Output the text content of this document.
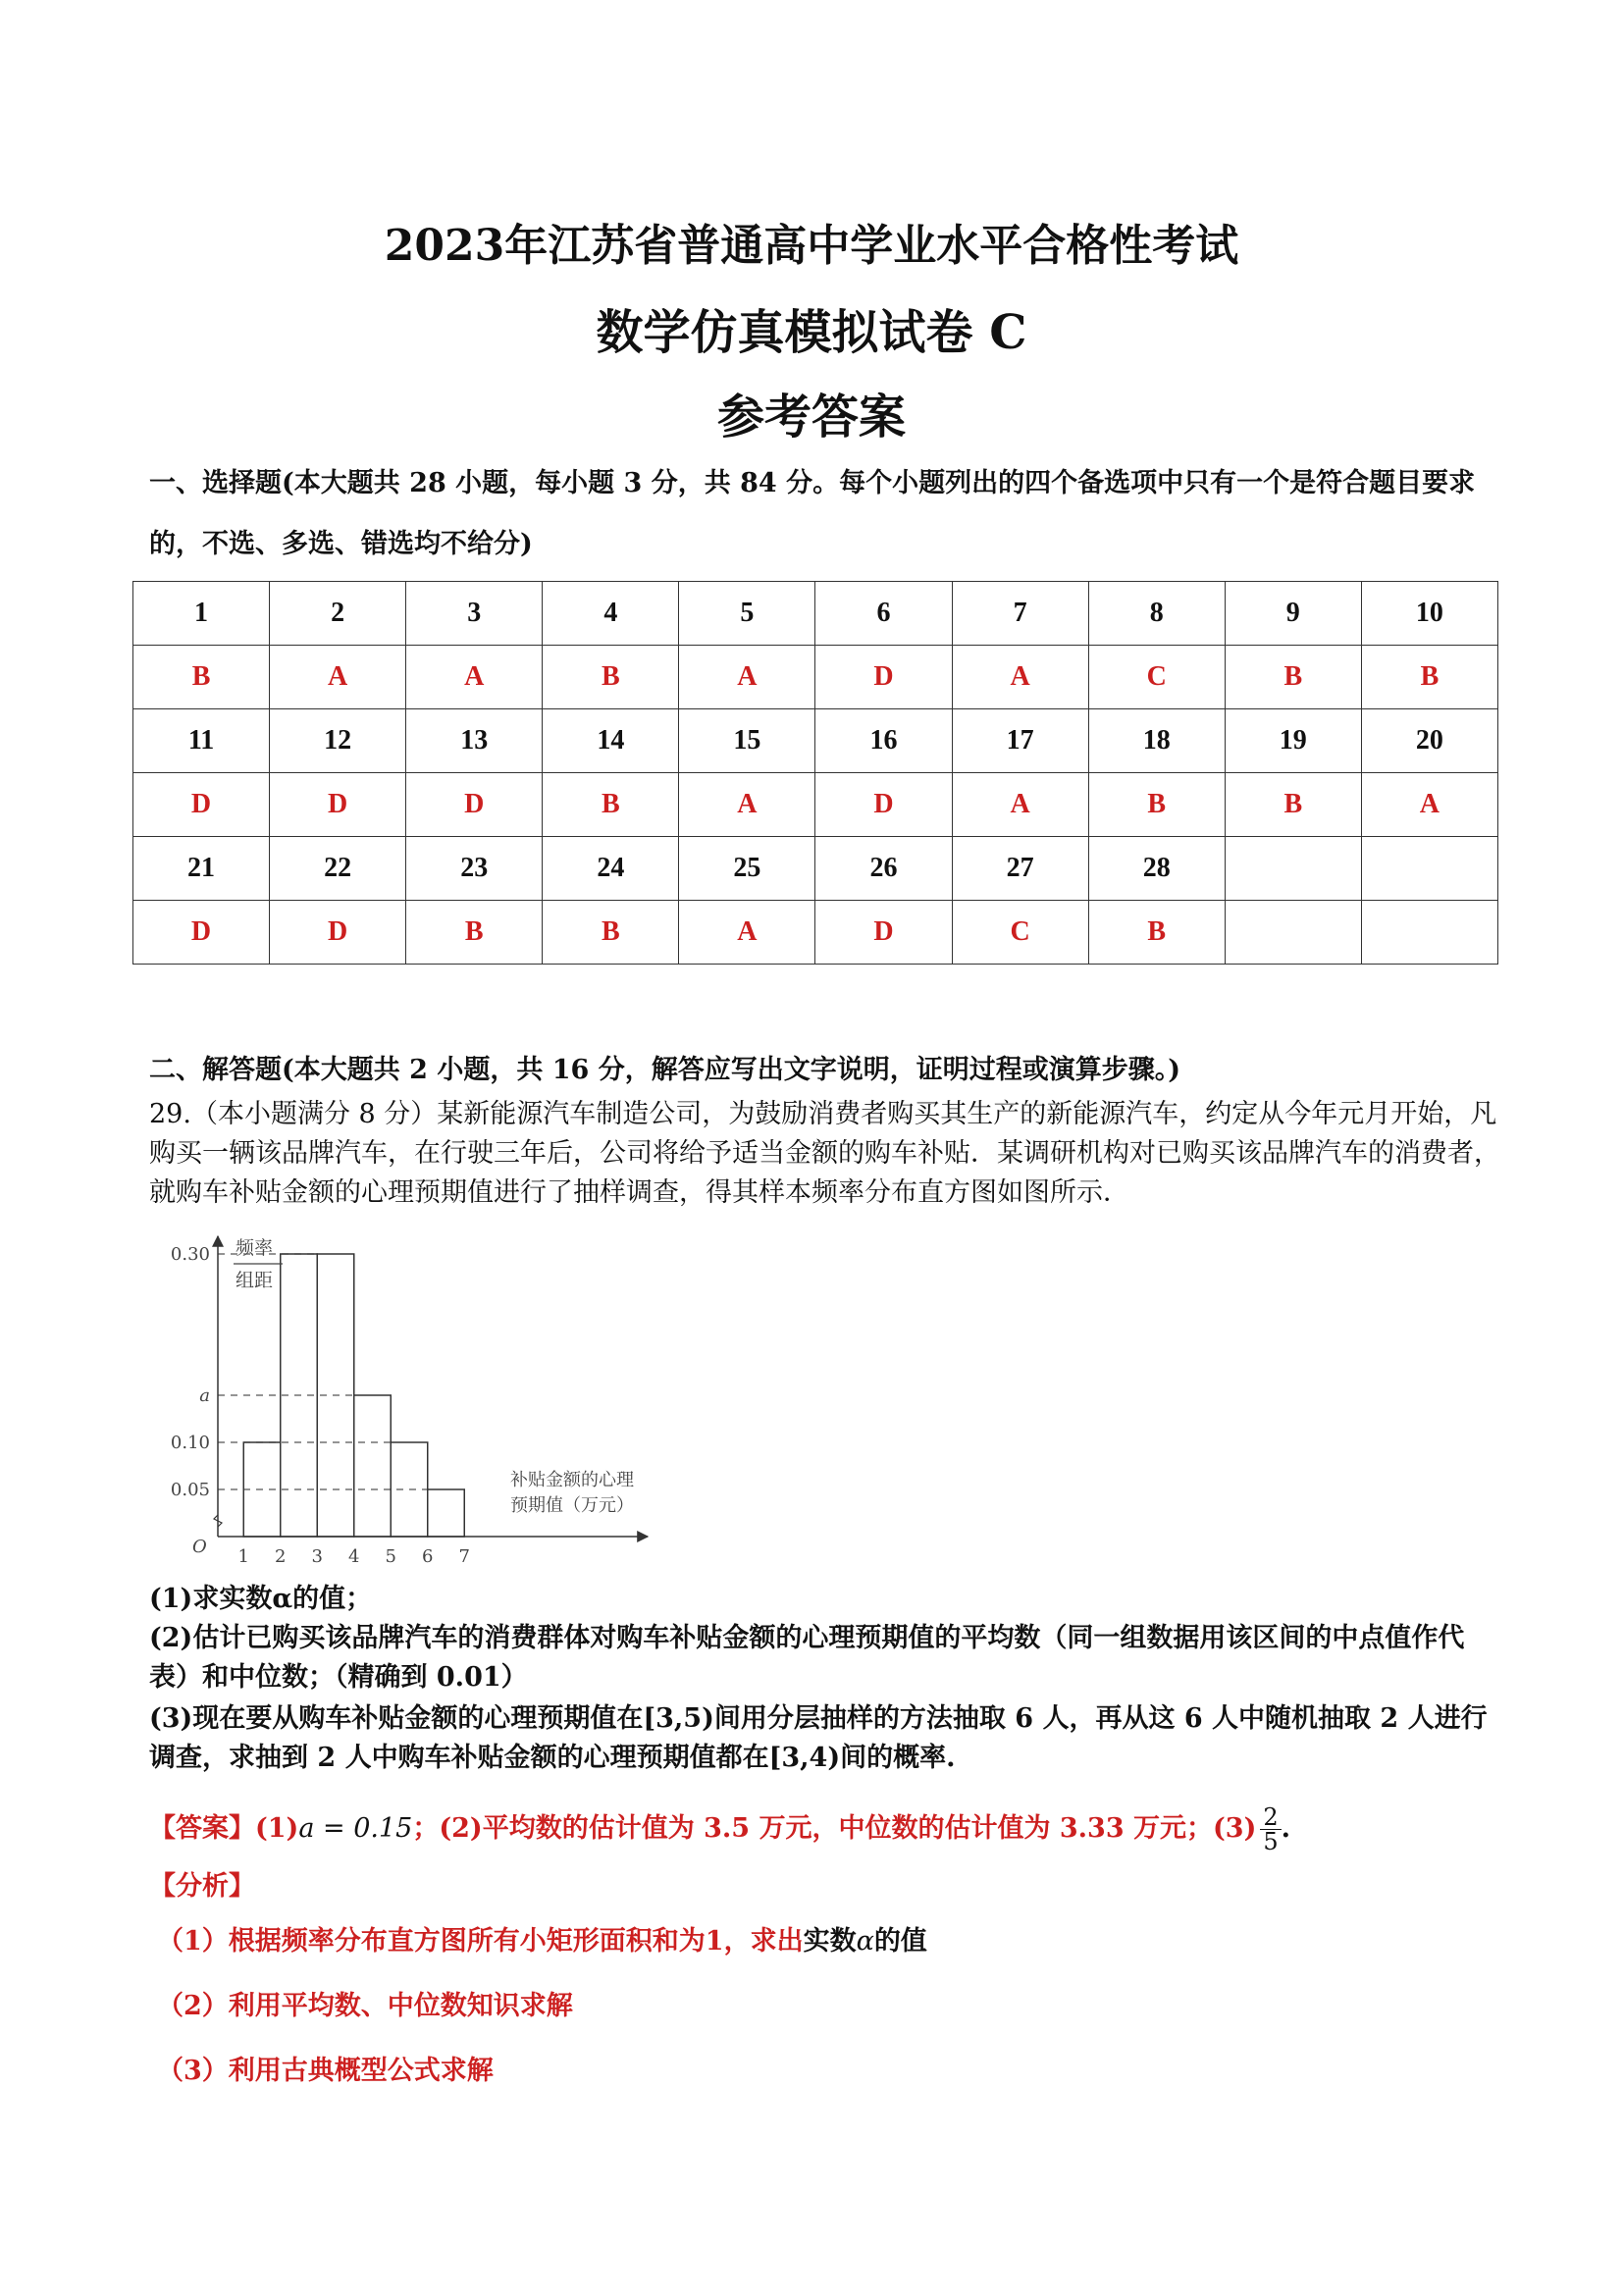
2023年江苏省普通高中学业水平合格性考试
数学仿真模拟试卷 C
参考答案
一、选择题(本大题共 28 小题，每小题 3 分，共 84 分。每个小题列出的四个备选项中只有一个是符合题目要求的，不选、多选、错选均不给分)
1	2	3	4	5	6	7	8	9	10
B	A	A	B	A	D	A	C	B	B
11	12	13	14	15	16	17	18	19	20
D	D	D	B	A	D	A	B	B	A
21	22	23	24	25	26	27	28		
D	D	B	B	A	D	C	B		
二、解答题(本大题共 2 小题，共 16 分，解答应写出文字说明，证明过程或演算步骤。)
29.（本小题满分 8 分）某新能源汽车制造公司，为鼓励消费者购买其生产的新能源汽车，约定从今年元月开始，凡购买一辆该品牌汽车，在行驶三年后，公司将给予适当金额的购车补贴．某调研机构对已购买该品牌汽车的消费者，就购车补贴金额的心理预期值进行了抽样调查，得其样本频率分布直方图如图所示．
0.30
a
0.10
0.05
1 2 3 4 5 6 7
频率
组距
补贴金额的心理
预期值（万元）
O
(1)求实数α的值；
(2)估计已购买该品牌汽车的消费群体对购车补贴金额的心理预期值的平均数（同一组数据用该区间的中点值作代表）和中位数；（精确到 0.01）
(3)现在要从购车补贴金额的心理预期值在[3,5)间用分层抽样的方法抽取 6 人，再从这 6 人中随机抽取 2 人进行调查，求抽到 2 人中购车补贴金额的心理预期值都在[3,4)间的概率.
【答案】(1)a = 0.15；(2)平均数的估计值为 3.5 万元，中位数的估计值为 3.33 万元；$(3) \frac{2}{5}$ .
【分析】
（1）根据频率分布直方图所有小矩形面积和为1，求出实数α的值
（2）利用平均数、中位数知识求解
（3）利用古典概型公式求解
